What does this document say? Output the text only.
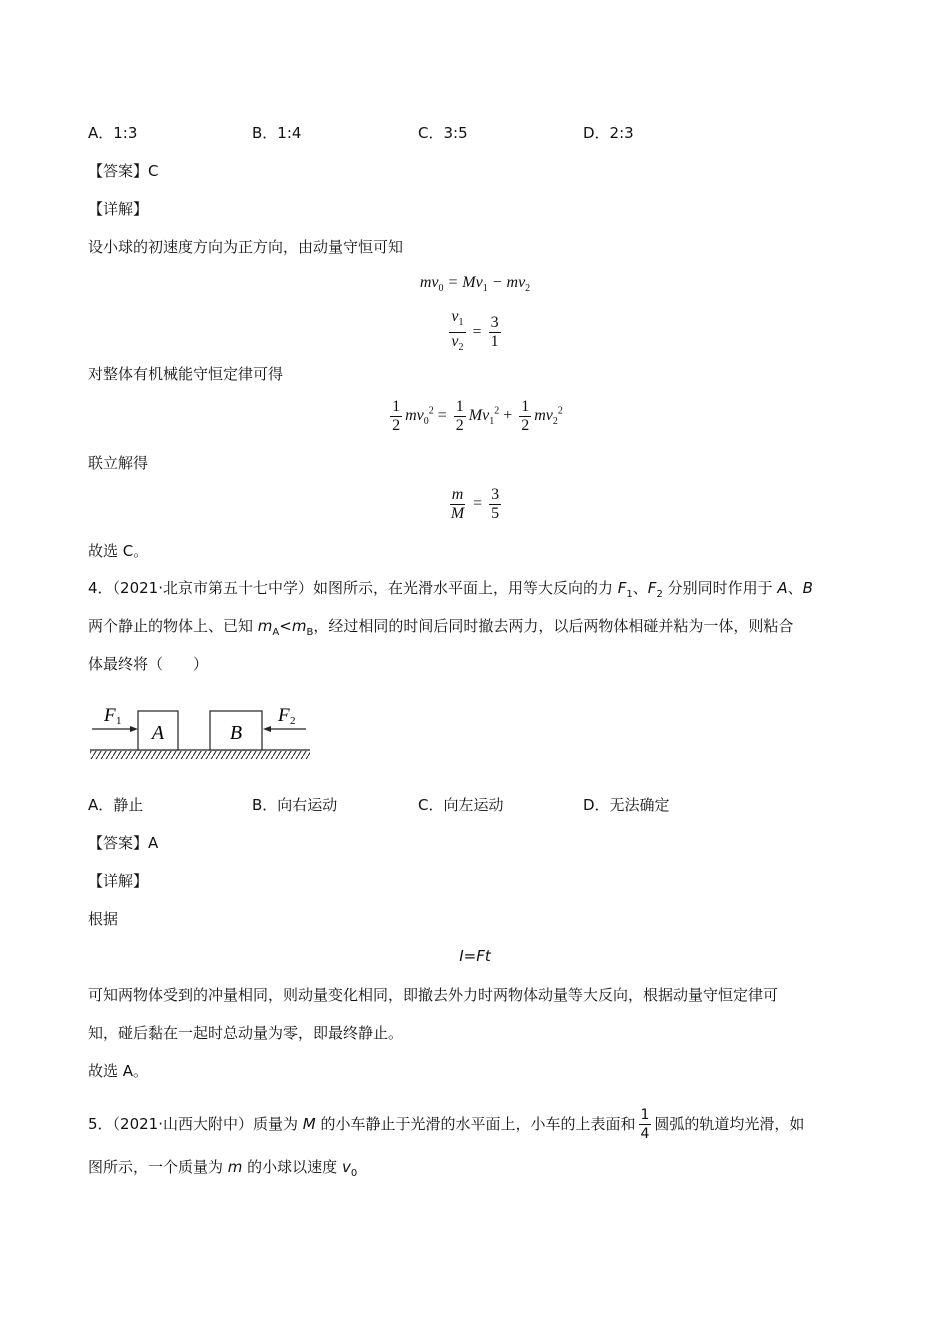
A．1:3	B．1:4	C．3:5	D．2:3
【答案】C
【详解】
设小球的初速度方向为正方向，由动量守恒可知
$mv_0 = Mv_1 - mv_2$
$\frac{v_1}{v_2} = \frac{3}{1}$
对整体有机械能守恒定律可得
$\frac{1}{2} mv_0^2 = \frac{1}{2} Mv_1^2 + \frac{1}{2} mv_2^2$
联立解得
$\frac{m}{M} = \frac{3}{5}$
故选 C。
4．（2021·北京市第五十七中学）如图所示，在光滑水平面上，用等大反向的力 $F_1$、$F_2$ 分别同时作用于 A、B
两个静止的物体上、已知 $m_A<m_B$，经过相同的时间后同时撤去两力，以后两物体相碰并粘为一体，则粘合
体最终将（　　）
A	B
F 1	F 2
A．静止	B．向右运动	C．向左运动	D．无法确定
【答案】A
【详解】
根据
I=Ft
可知两物体受到的冲量相同，则动量变化相同，即撤去外力时两物体动量等大反向，根据动量守恒定律可
知，碰后黏在一起时总动量为零，即最终静止。
故选 A。
5．（2021·山西大附中）质量为 M 的小车静止于光滑的水平面上，小车的上表面和 $\frac{1}{4}$ 圆弧的轨道均光滑，如
图所示，一个质量为 m 的小球以速度 $v_0$
